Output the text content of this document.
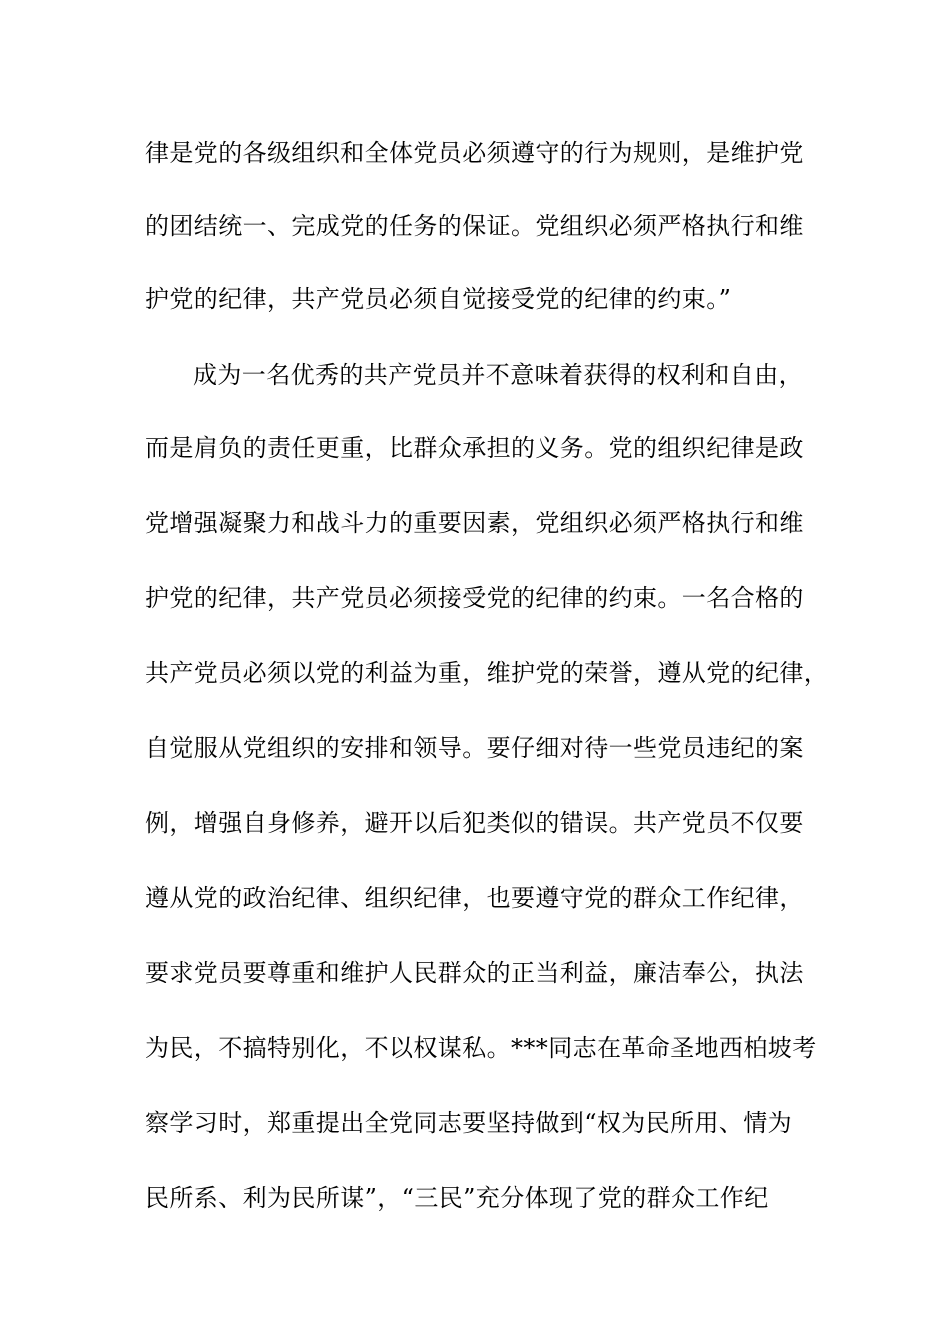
律是党的各级组织和全体党员必须遵守的行为规则，是维护党
的团结统一、完成党的任务的保证。党组织必须严格执行和维
护党的纪律，共产党员必须自觉接受党的纪律的约束。”
成为一名优秀的共产党员并不意味着获得的权利和自由，
而是肩负的责任更重，比群众承担的义务。党的组织纪律是政
党增强凝聚力和战斗力的重要因素，党组织必须严格执行和维
护党的纪律，共产党员必须接受党的纪律的约束。一名合格的
共产党员必须以党的利益为重，维护党的荣誉，遵从党的纪律，
自觉服从党组织的安排和领导。要仔细对待一些党员违纪的案
例，增强自身修养，避开以后犯类似的错误。共产党员不仅要
遵从党的政治纪律、组织纪律，也要遵守党的群众工作纪律，
要求党员要尊重和维护人民群众的正当利益，廉洁奉公，执法
为民，不搞特别化，不以权谋私。***同志在革命圣地西柏坡考
察学习时，郑重提出全党同志要坚持做到“权为民所用、情为
民所系、利为民所谋”，“三民”充分体现了党的群众工作纪
